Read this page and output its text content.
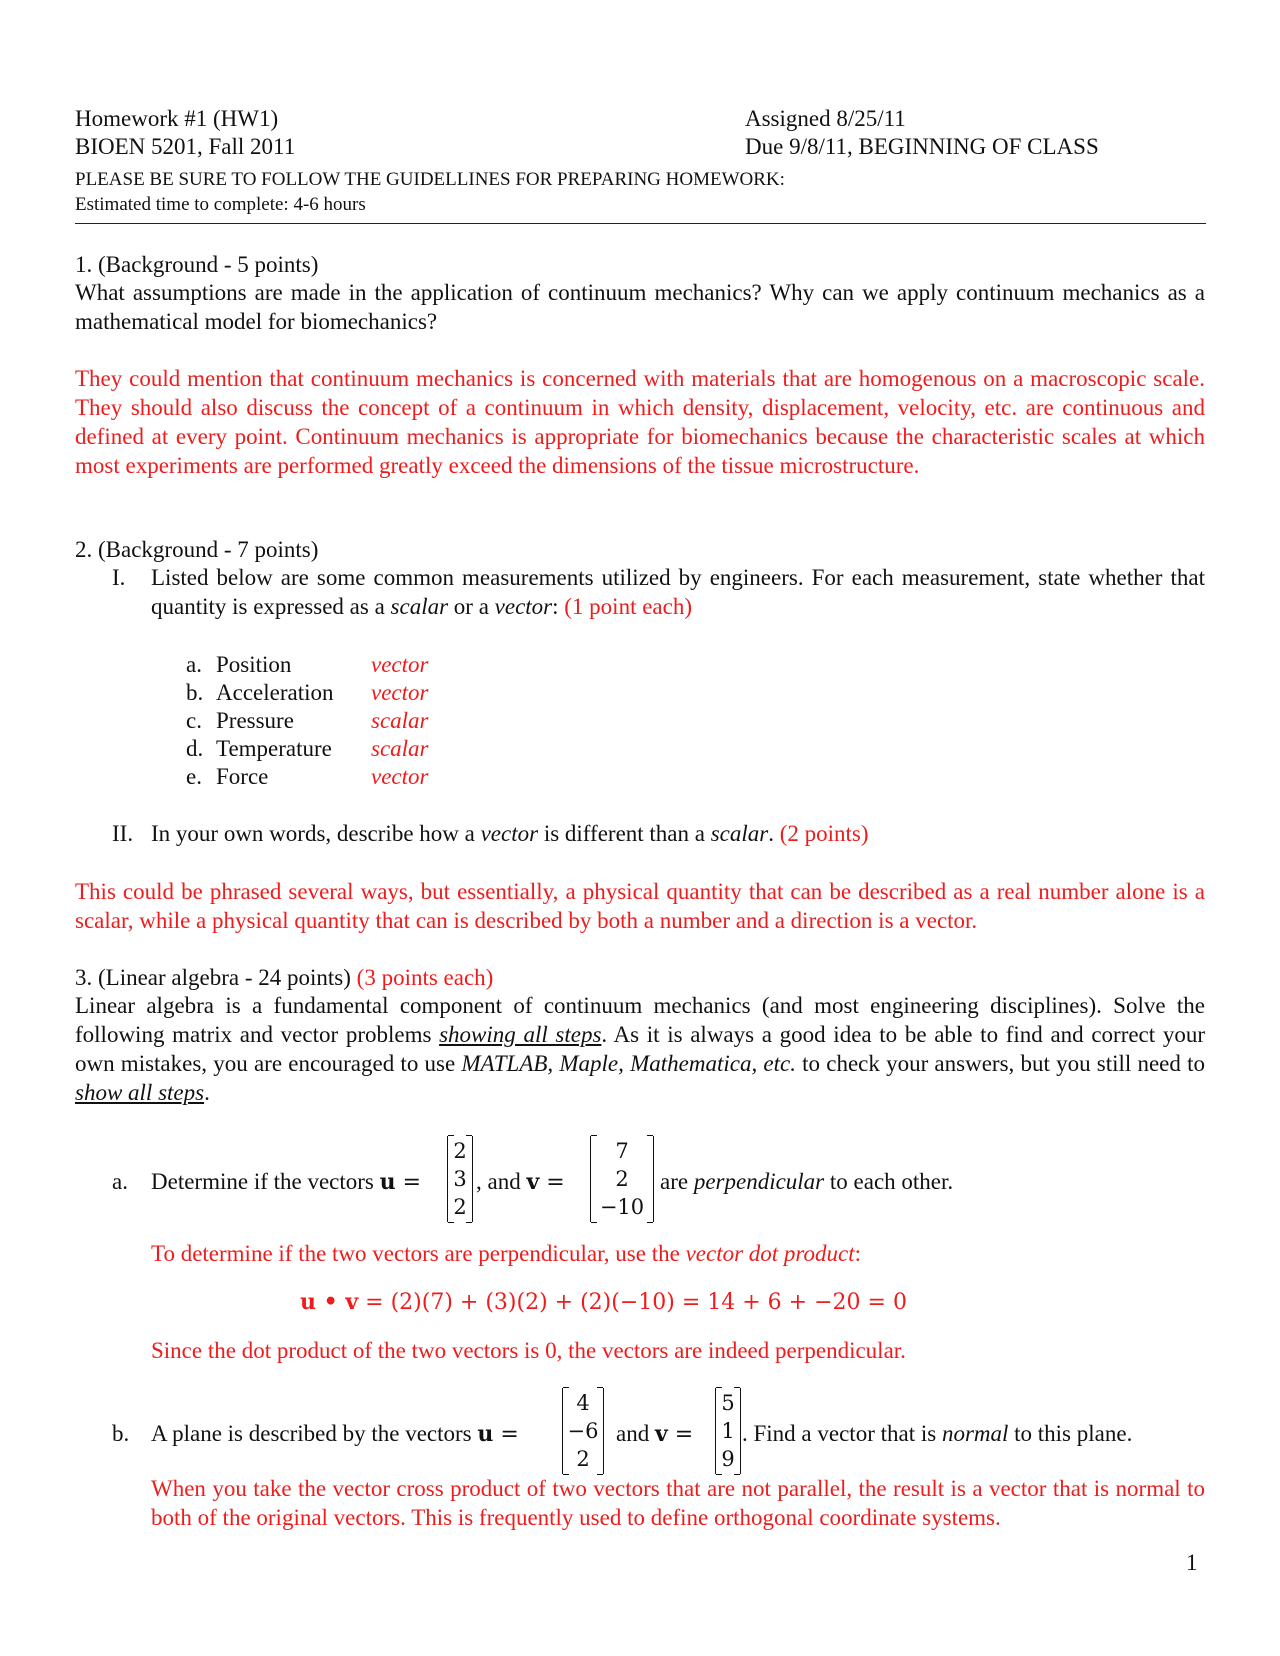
Homework #1 (HW1)
BIOEN 5201, Fall 2011
Assigned 8/25/11
Due 9/8/11, BEGINNING OF CLASS
PLEASE BE SURE TO FOLLOW THE GUIDELLINES FOR PREPARING HOMEWORK:
Estimated time to complete: 4-6 hours
1. (Background - 5 points)
What assumptions are made in the application of continuum mechanics? Why can we apply continuum mechanics as a mathematical model for biomechanics?
They could mention that continuum mechanics is concerned with materials that are homogenous on a macroscopic scale. They should also discuss the concept of a continuum in which density, displacement, velocity, etc. are continuous and defined at every point. Continuum mechanics is appropriate for biomechanics because the characteristic scales at which most experiments are performed greatly exceed the dimensions of the tissue microstructure.
2. (Background - 7 points)
I. Listed below are some common measurements utilized by engineers. For each measurement, state whether that quantity is expressed as a scalar or a vector: (1 point each)
a. Position	vector
b. Acceleration vector
c. Pressure	scalar
d. Temperature scalar
e. Force	vector
II. In your own words, describe how a vector is different than a scalar. (2 points)
This could be phrased several ways, but essentially, a physical quantity that can be described as a real number alone is a scalar, while a physical quantity that can is described by both a number and a direction is a vector.
3. (Linear algebra - 24 points) (3 points each)
Linear algebra is a fundamental component of continuum mechanics (and most engineering disciplines). Solve the following matrix and vector problems showing all steps. As it is always a good idea to be able to find and correct your own mistakes, you are encouraged to use MATLAB, Maple, Mathematica, etc. to check your answers, but you still need to show all steps.
a. Determine if the vectors u =
2
3
2
, and v =
7
2
−10
are perpendicular to each other.
To determine if the two vectors are perpendicular, use the vector dot product:
u • v = (2)(7) + (3)(2) + (2)(−10) = 14 + 6 + −20 = 0
Since the dot product of the two vectors is 0, the vectors are indeed perpendicular.
b. A plane is described by the vectors u =
4
−6
2
and v =
5
1
9
. Find a vector that is normal to this plane.
When you take the vector cross product of two vectors that are not parallel, the result is a vector that is normal to both of the original vectors. This is frequently used to define orthogonal coordinate systems.
1
